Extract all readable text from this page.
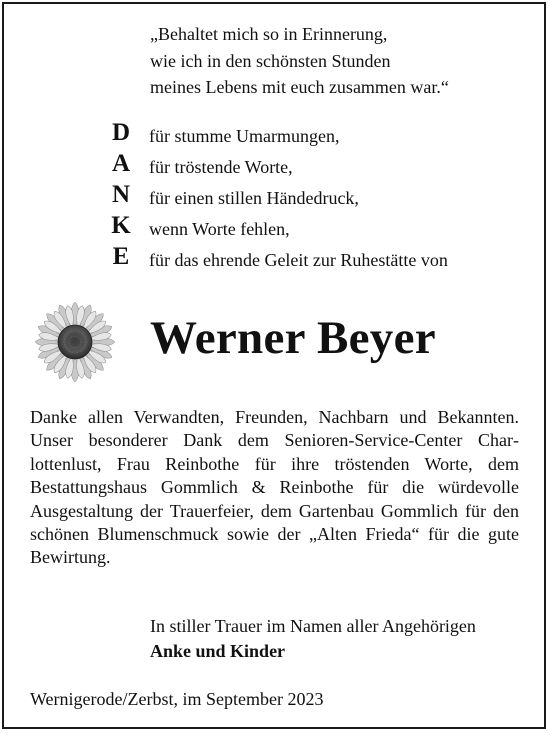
„Behaltet mich so in Erinnerung,
wie ich in den schönsten Stunden
meines Lebens mit euch zusammen war.“
D für stumme Umarmungen,
A für tröstende Worte,
N für einen stillen Händedruck,
K wenn Worte fehlen,
E	für das ehrende Geleit zur Ruhestätte von
Werner Beyer
Danke allen Verwandten, Freunden, Nachbarn und Bekannten. Unser besonderer Dank dem Senioren-Service-Center Charlottenlust, Frau Reinbothe für ihre tröstenden Worte, dem Bestattungshaus Gommlich & Reinbothe für die würdevolle Ausgestaltung der Trauerfeier, dem Gartenbau Gommlich für den schönen Blumenschmuck sowie der „Alten Frieda“ für die gute Bewirtung.
In stiller Trauer im Namen aller Angehörigen
Anke und Kinder
Wernigerode/Zerbst, im September 2023
